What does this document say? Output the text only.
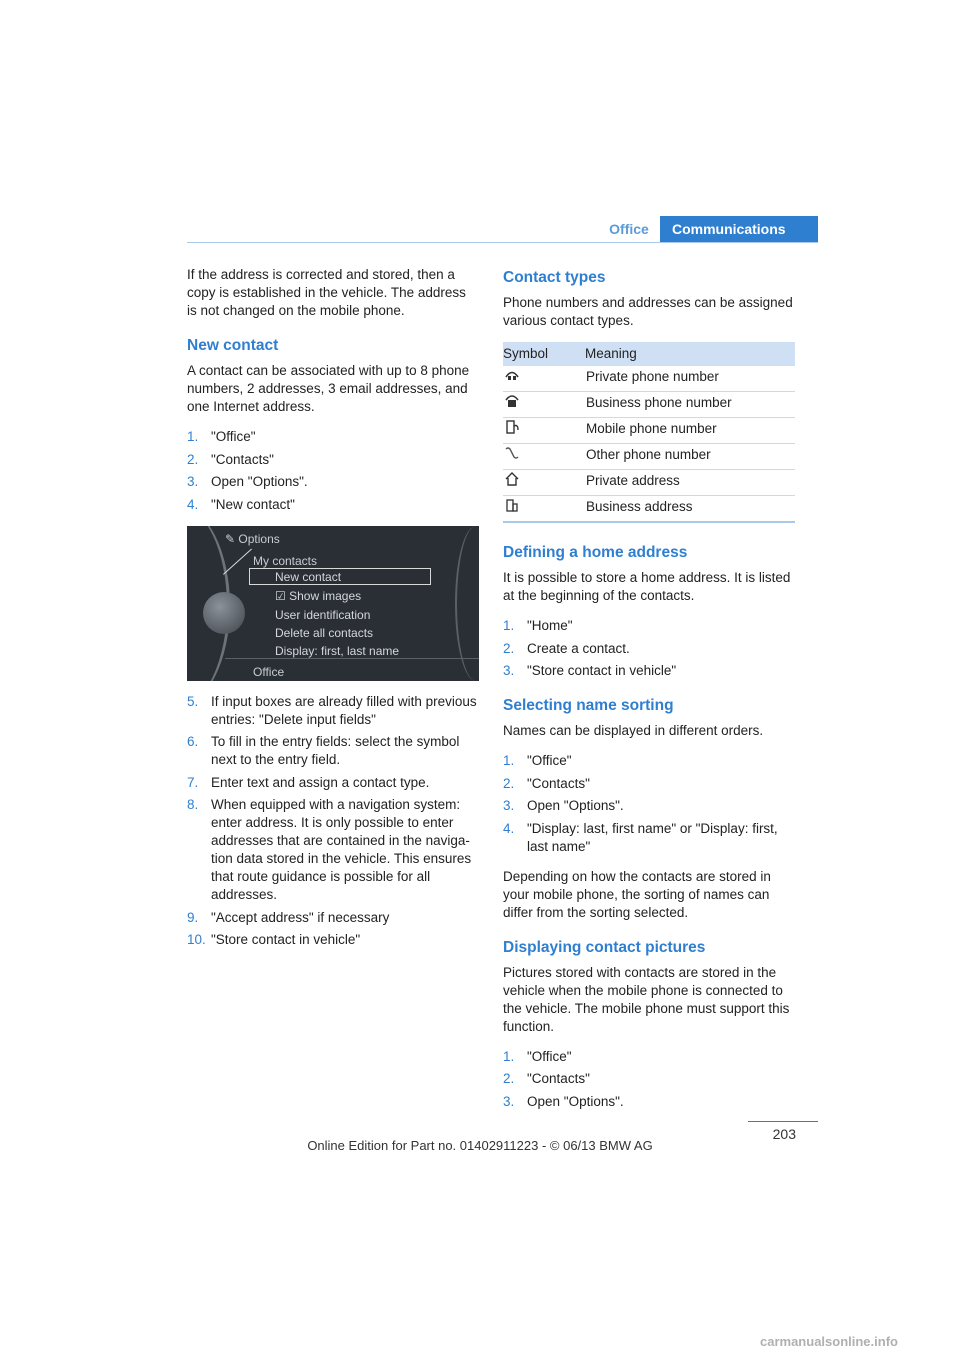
Office	Communications

If the address is corrected and stored, then a copy is established in the vehicle. The address is not changed on the mobile phone.

New contact

A contact can be associated with up to 8 phone numbers, 2 addresses, 3 email addresses, and one Internet address.

1. "Office"
2. "Contacts"
3. Open "Options".
4. "New contact"
✎ Options
My contacts
New contact
☑ Show images
User identification
Delete all contacts
Display: first, last name
Office
5. If input boxes are already filled with previous entries: "Delete input fields"
6. To fill in the entry fields: select the symbol next to the entry field.
7. Enter text and assign a contact type.
8. When equipped with a navigation system: enter address. It is only possible to enter addresses that are contained in the naviga-tion data stored in the vehicle. This ensures that route guidance is possible for all addresses.
9. "Accept address" if necessary
10. "Store contact in vehicle"
Contact types

Phone numbers and addresses can be assigned various contact types.

Symbol	Meaning
	Private phone number
	Business phone number
	Mobile phone number
	Other phone number
	Private address
	Business address
Defining a home address

It is possible to store a home address. It is listed at the beginning of the contacts.

1. "Home"
2. Create a contact.
3. "Store contact in vehicle"
Selecting name sorting

Names can be displayed in different orders.

1. "Office"
2. "Contacts"
3. Open "Options".
4. "Display: last, first name" or "Display: first, last name"

Depending on how the contacts are stored in your mobile phone, the sorting of names can differ from the sorting selected.

Displaying contact pictures

Pictures stored with contacts are stored in the vehicle when the mobile phone is connected to the vehicle. The mobile phone must support this function.

1. "Office"
2. "Contacts"
3. Open "Options".
203
Online Edition for Part no. 01402911223 - © 06/13 BMW AG
carmanualsonline.info
